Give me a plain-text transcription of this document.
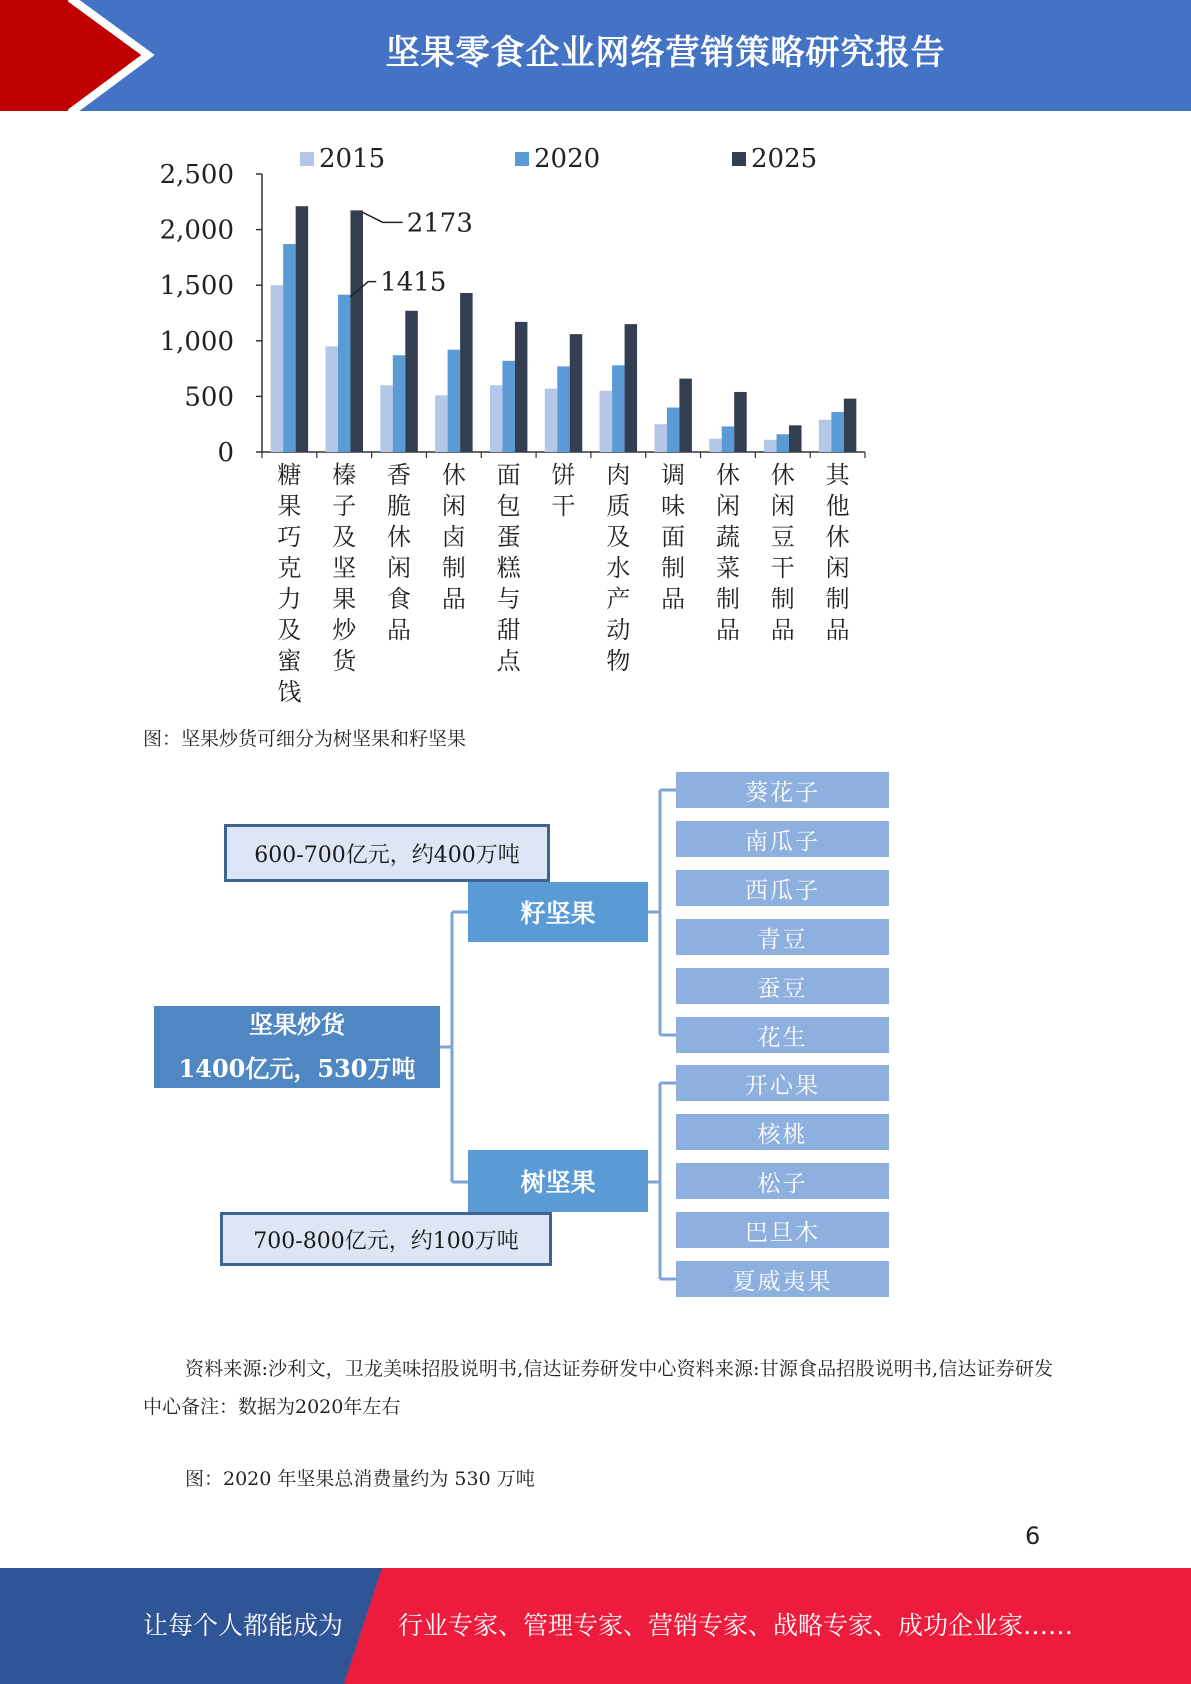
坚果零食企业网络营销策略研究报告
0
500
1,000
1,500
2,000
2,500
糖果巧克力及蜜饯
榛子及坚果炒货
香脆休闲食品
休闲卤制品
面包蛋糕与甜点
饼干
肉质及水产动物
调味面制品
休闲蔬菜制品
休闲豆干制品
其他休闲制品
2015	2020	2025
2173
1415
图：坚果炒货可细分为树坚果和籽坚果
600-700亿元，约400万吨
籽坚果
坚果炒货
1400亿元，530万吨
树坚果
700-800亿元，约100万吨
葵花子
南瓜子
西瓜子
青豆
蚕豆
花生
开心果
核桃
松子
巴旦木
夏威夷果
资料来源:沙利文，卫龙美味招股说明书,信达证券研发中心资料来源:甘源食品招股说明书,信达证券研发中心备注：数据为2020年左右
图：2020 年坚果总消费量约为 530 万吨
6
让每个人都能成为 行业专家、管理专家、营销专家、战略专家、成功企业家……
